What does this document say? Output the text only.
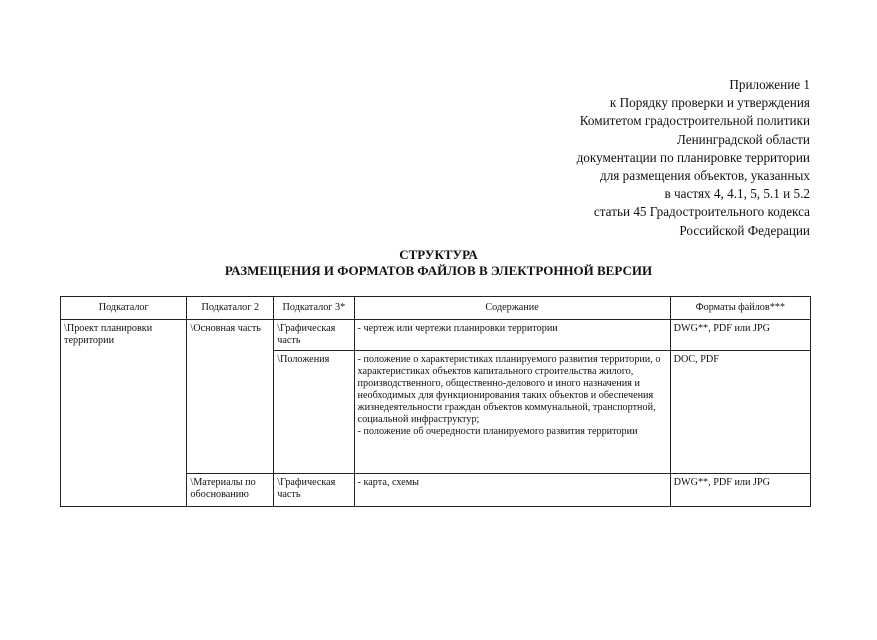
Приложение 1
к Порядку проверки и утверждения
Комитетом градостроительной политики
Ленинградской области
документации по планировке территории
для размещения объектов, указанных
в частях 4, 4.1, 5, 5.1 и 5.2
статьи 45 Градостроительного кодекса
Российской Федерации
СТРУКТУРА
РАЗМЕЩЕНИЯ И ФОРМАТОВ ФАЙЛОВ В ЭЛЕКТРОННОЙ ВЕРСИИ
Подкаталог	Подкаталог 2	Подкаталог 3*	Содержание	Форматы файлов***
\Проект планировки территории	\Основная часть	\Графическая часть	- чертеж или чертежи планировки территории	DWG**, PDF или JPG
		\Положения	- положение о характеристиках планируемого развития территории, о характеристиках объектов капитального строительства жилого, производственного, общественно-делового и иного назначения и необходимых для функционирования таких объектов и обеспечения жизнедеятельности граждан объектов коммунальной, транспортной, социальной инфраструктур;
- положение об очередности планируемого развития территории	DOC, PDF
	\Материалы по обоснованию	\Графическая часть	- карта, схемы	DWG**, PDF или JPG
